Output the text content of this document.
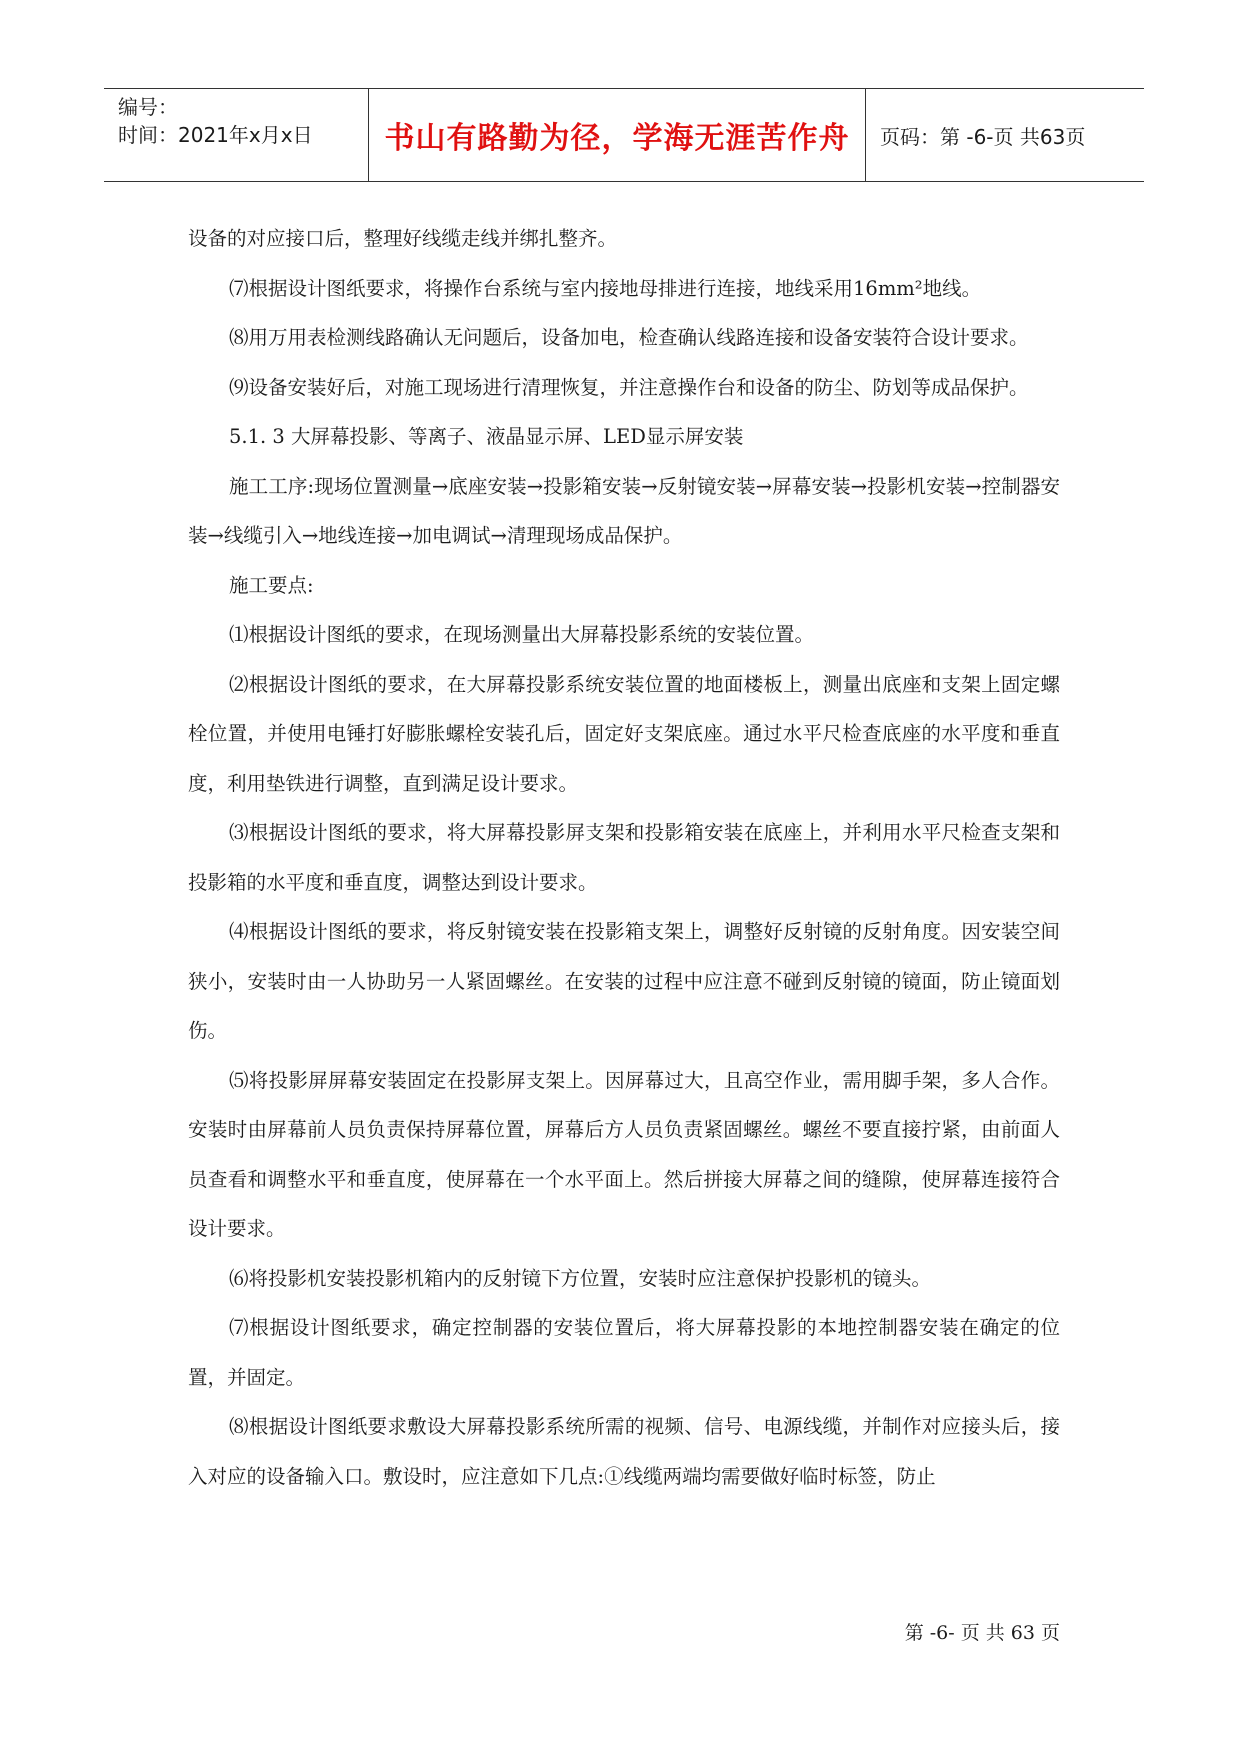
编号：
时间：2021年x月x日	书山有路勤为径，学海无涯苦作舟 页码：第 -6-页 共63页

设备的对应接口后，整理好线缆走线并绑扎整齐。

⑺根据设计图纸要求，将操作台系统与室内接地母排进行连接，地线采用16mm²地线。

⑻用万用表检测线路确认无问题后，设备加电，检查确认线路连接和设备安装符合设计要求。

⑼设备安装好后，对施工现场进行清理恢复，并注意操作台和设备的防尘、防划等成品保护。

5.1. 3 大屏幕投影、等离子、液晶显示屏、LED显示屏安装

施工工序:现场位置测量→底座安装→投影箱安装→反射镜安装→屏幕安装→投影机安装→控制器安装→线缆引入→地线连接→加电调试→清理现场成品保护。

施工要点:

⑴根据设计图纸的要求，在现场测量出大屏幕投影系统的安装位置。

⑵根据设计图纸的要求，在大屏幕投影系统安装位置的地面楼板上，测量出底座和支架上固定螺栓位置，并使用电锤打好膨胀螺栓安装孔后，固定好支架底座。通过水平尺检查底座的水平度和垂直度，利用垫铁进行调整，直到满足设计要求。

⑶根据设计图纸的要求，将大屏幕投影屏支架和投影箱安装在底座上，并利用水平尺检查支架和投影箱的水平度和垂直度，调整达到设计要求。

⑷根据设计图纸的要求，将反射镜安装在投影箱支架上，调整好反射镜的反射角度。因安装空间狭小，安装时由一人协助另一人紧固螺丝。在安装的过程中应注意不碰到反射镜的镜面，防止镜面划伤。

⑸将投影屏屏幕安装固定在投影屏支架上。因屏幕过大，且高空作业，需用脚手架，多人合作。安装时由屏幕前人员负责保持屏幕位置，屏幕后方人员负责紧固螺丝。螺丝不要直接拧紧，由前面人员查看和调整水平和垂直度，使屏幕在一个水平面上。然后拼接大屏幕之间的缝隙，使屏幕连接符合设计要求。

⑹将投影机安装投影机箱内的反射镜下方位置，安装时应注意保护投影机的镜头。

⑺根据设计图纸要求，确定控制器的安装位置后，将大屏幕投影的本地控制器安装在确定的位置，并固定。

⑻根据设计图纸要求敷设大屏幕投影系统所需的视频、信号、电源线缆，并制作对应接头后，接入对应的设备输入口。敷设时，应注意如下几点:①线缆两端均需要做好临时标签，防止

第 -6- 页 共 63 页
